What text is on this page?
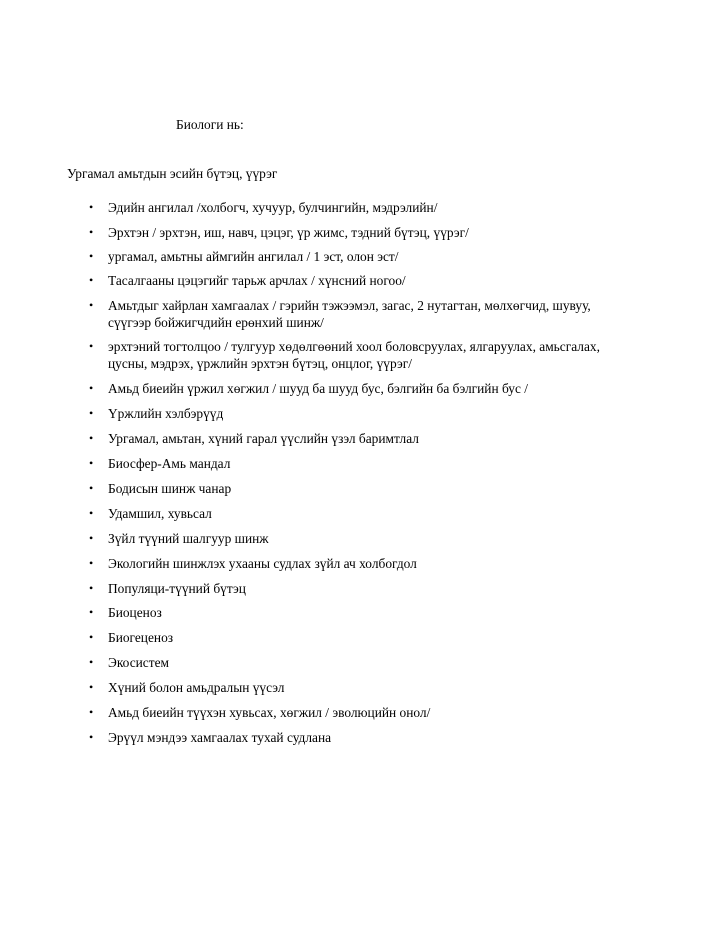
Биологи нь:

Ургамал амьтдын эсийн бүтэц, үүрэг

• Эдийн ангилал /холбогч, хучуур, булчингийн, мэдрэлийн/
• Эрхтэн / эрхтэн, иш, навч, цэцэг, үр жимс, тэдний бүтэц, үүрэг/
• ургамал, амьтны аймгийн ангилал / 1 эст, олон эст/
• Тасалгааны цэцэгийг тарьж арчлах / хүнсний ногоо/
• Амьтдыг хайрлан хамгаалах / гэрийн тэжээмэл, загас, 2 нутагтан, мөлхөгчид, шувуу,
сүүгээр бойжигчдийн ерөнхий шинж/
• эрхтэний тогтолцоо / тулгуур хөдөлгөөний хоол боловсруулах, ялгаруулах, амьсгалах,
цусны, мэдрэх, үржлийн эрхтэн бүтэц, онцлог, үүрэг/
• Амьд биеийн үржил хөгжил / шууд ба шууд бус, бэлгийн ба бэлгийн бус /
• Үржлийн хэлбэрүүд
• Ургамал, амьтан, хүний гарал үүслийн үзэл баримтлал
• Биосфер-Амь мандал
• Бодисын шинж чанар
• Удамшил, хувьсал
• Зүйл түүний шалгуур шинж
• Экологийн шинжлэх ухааны судлах зүйл ач холбогдол
• Популяци-түүний бүтэц
• Биоценоз
• Биогеценоз
• Экосистем
• Хүний болон амьдралын үүсэл
• Амьд биеийн түүхэн хувьсах, хөгжил / эволюцийн онол/
• Эрүүл мэндээ хамгаалах тухай судлана
